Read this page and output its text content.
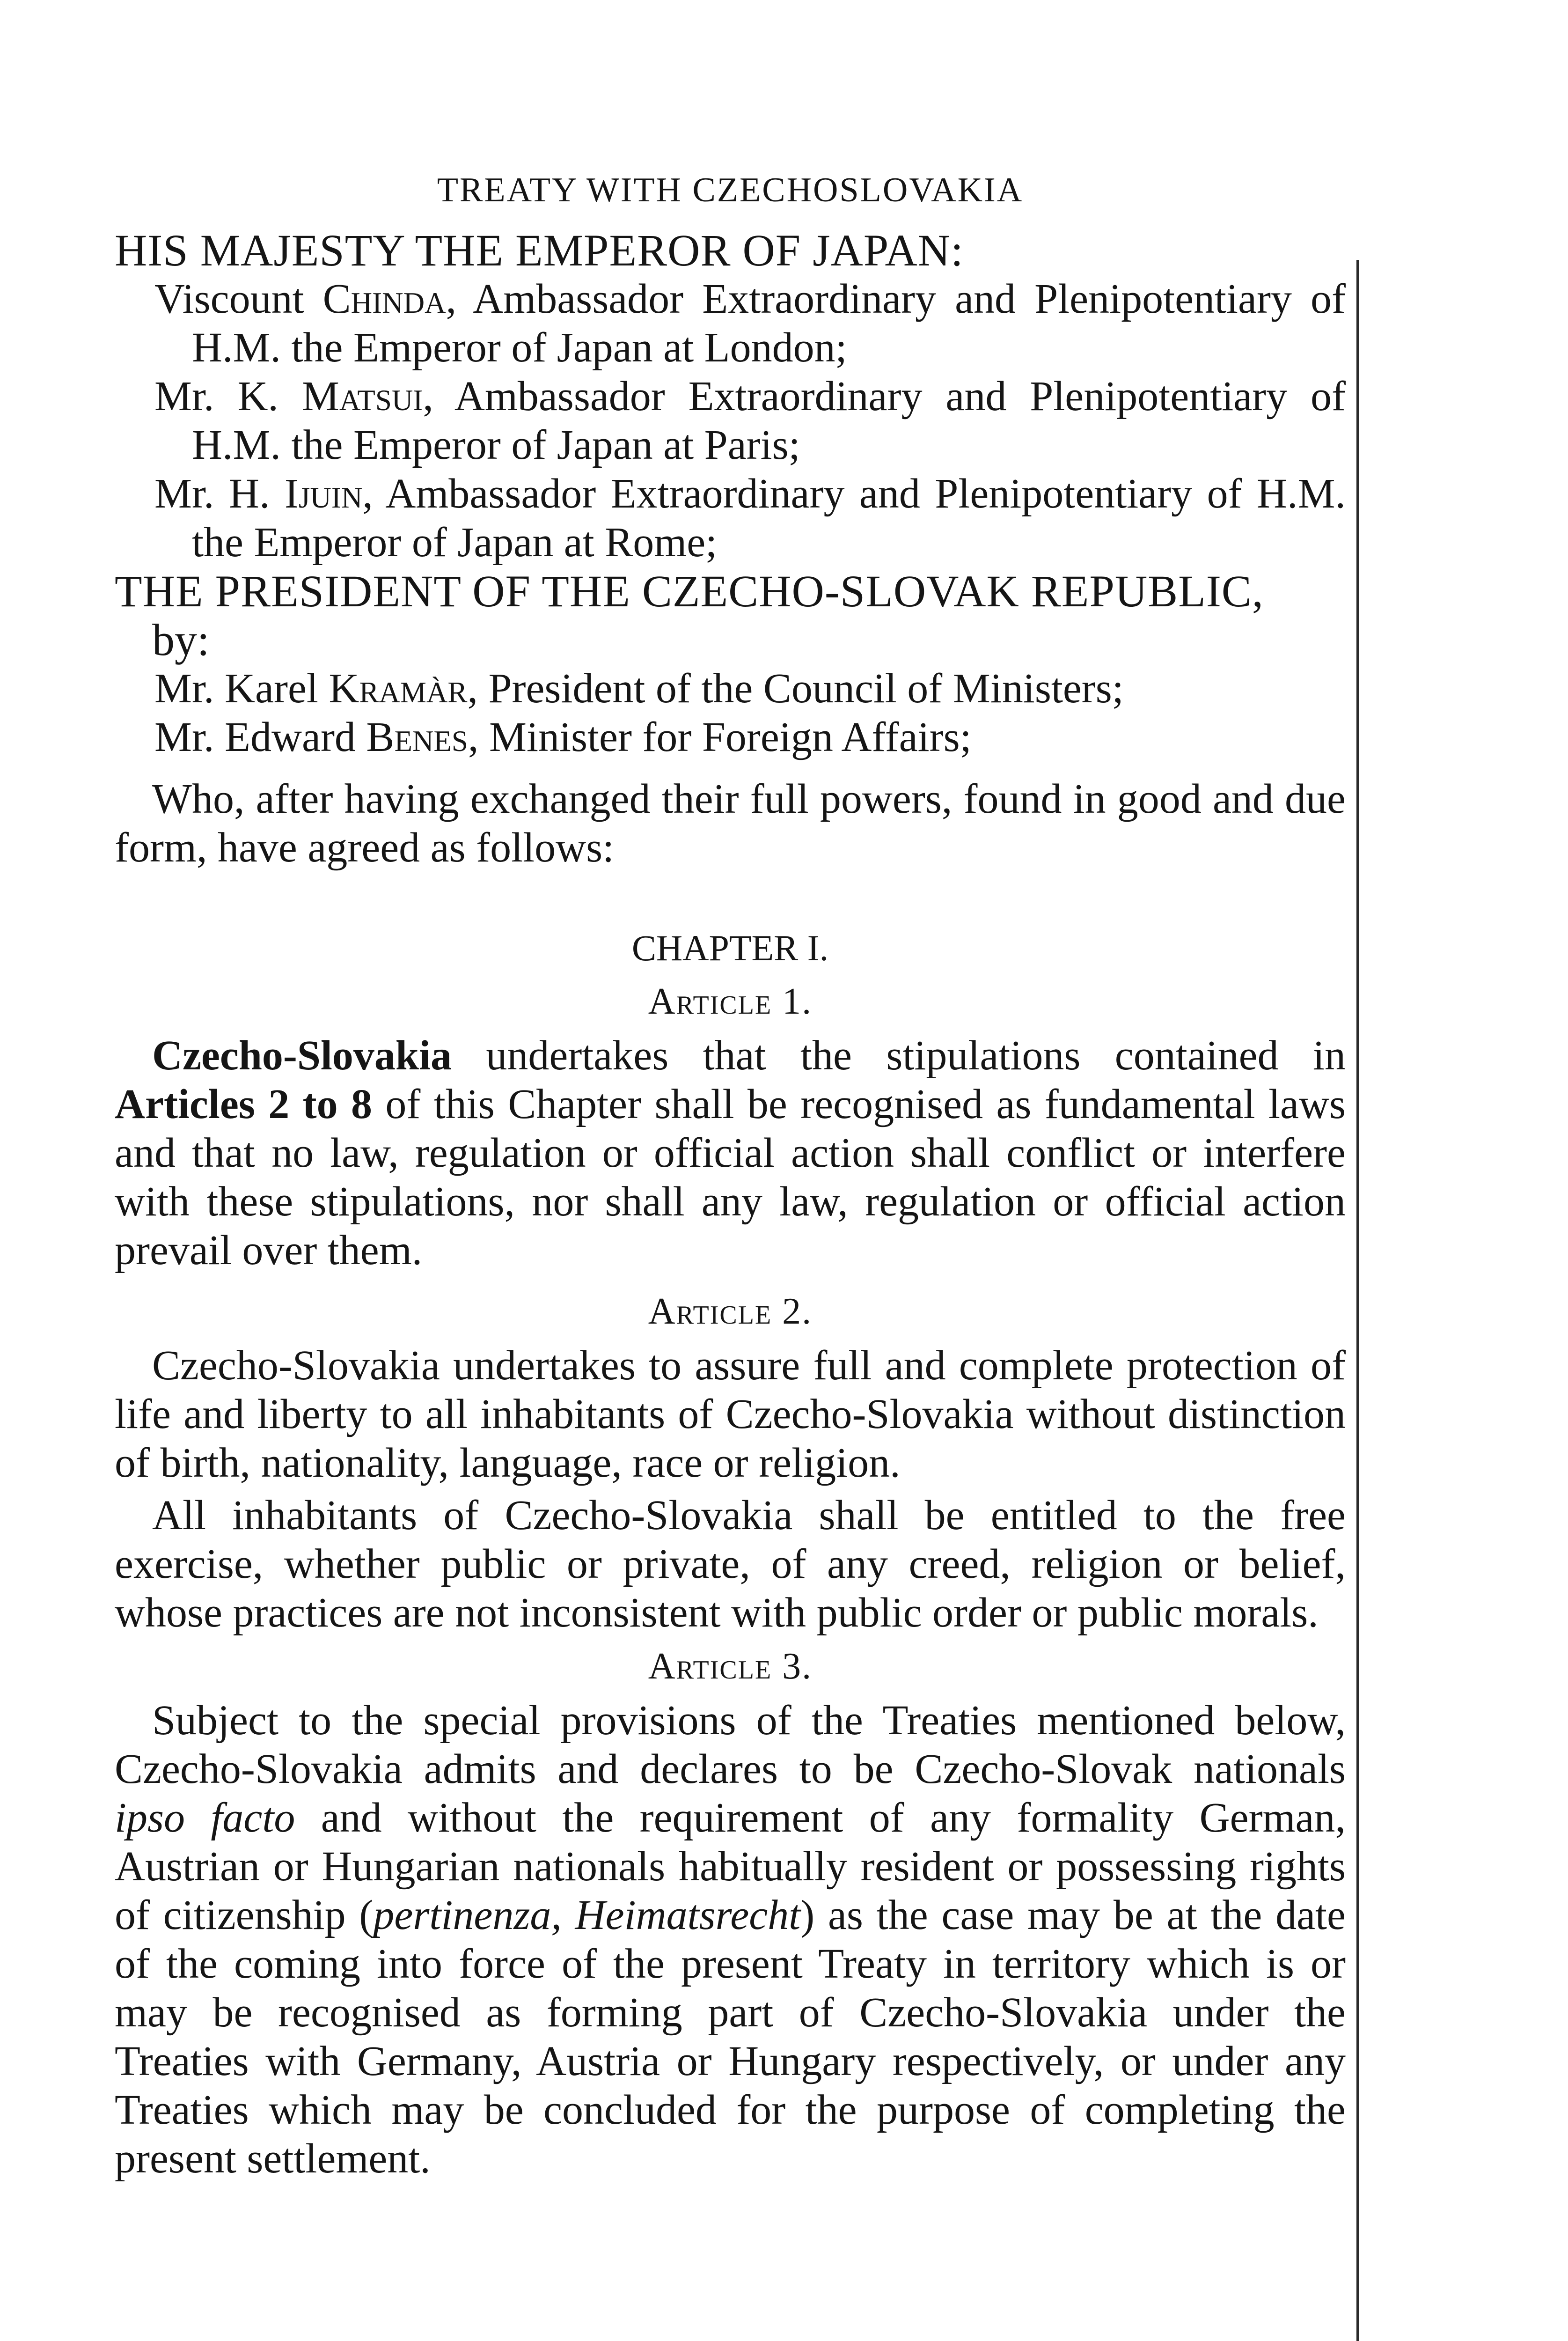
TREATY WITH CZECHOSLOVAKIA

HIS MAJESTY THE EMPEROR OF JAPAN:

Viscount Chinda, Ambassador Extraordinary and Plenipotentiary of H.M. the Emperor of Japan at London;

Mr. K. Matsui, Ambassador Extraordinary and Plenipotentiary of H.M. the Emperor of Japan at Paris;

Mr. H. Ijuin, Ambassador Extraordinary and Plenipotentiary of H.M. the Emperor of Japan at Rome;

THE PRESIDENT OF THE CZECHO-SLOVAK REPUBLIC,

by:

Mr. Karel Kramàr, President of the Council of Ministers;

Mr. Edward Benes, Minister for Foreign Affairs;

Who, after having exchanged their full powers, found in good and due form, have agreed as follows:

CHAPTER I.

Article 1.

Czecho-Slovakia undertakes that the stipulations contained in Articles 2 to 8 of this Chapter shall be recognised as fundamental laws and that no law, regulation or official action shall conflict or interfere with these stipulations, nor shall any law, regulation or official action prevail over them.

Article 2.

Czecho-Slovakia undertakes to assure full and complete protection of life and liberty to all inhabitants of Czecho-Slovakia without distinction of birth, nationality, language, race or religion.

All inhabitants of Czecho-Slovakia shall be entitled to the free exercise, whether public or private, of any creed, religion or belief, whose practices are not inconsistent with public order or public morals.

Article 3.

Subject to the special provisions of the Treaties mentioned below, Czecho-Slovakia admits and declares to be Czecho-Slovak nationals ipso facto and without the requirement of any formality German, Austrian or Hungarian nationals habitually resident or possessing rights of citizenship (pertinenza, Heimatsrecht) as the case may be at the date of the coming into force of the present Treaty in territory which is or may be recognised as forming part of Czecho-Slovakia under the Treaties with Germany, Austria or Hungary respectively, or under any Treaties which may be concluded for the purpose of completing the present settlement.
